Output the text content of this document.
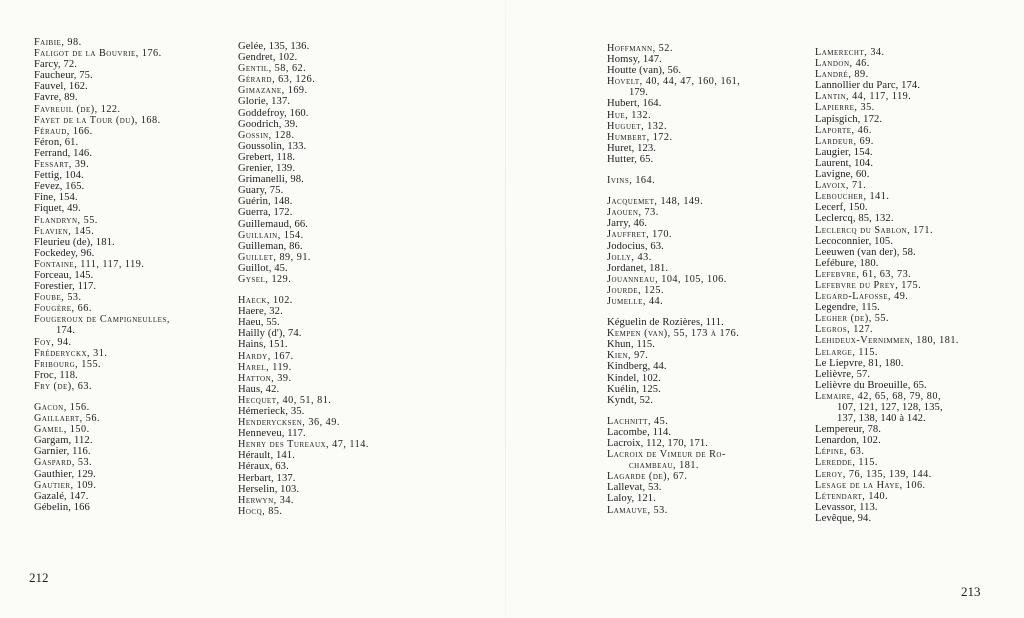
Faibie, 98.
Faligot de la Bouvrie, 176.
Farcy, 72.
Faucheur, 75.
Fauvel, 162.
Favre, 89.
Favreuil (de), 122.
Fayet de la Tour (du), 168.
Féraud, 166.
Féron, 61.
Ferrand, 146.
Fessart, 39.
Fettig, 104.
Fevez, 165.
Fine, 154.
Fiquet, 49.
Flandryn, 55.
Flavien, 145.
Fleurieu (de), 181.
Fockedey, 96.
Fontaine, 111, 117, 119.
Forceau, 145.
Forestier, 117.
Foube, 53.
Fougère, 66.
Fougeroux de Campigneulles,
174.
Foy, 94.
Fréderyckx, 31.
Fribourg, 155.
Froc, 118.
Fry (de), 63.
Gacon, 156.
Gaillaert, 56.
Gamel, 150.
Gargam, 112.
Garnier, 116.
Gaspard, 53.
Gauthier, 129.
Gautier, 109.
Gazalé, 147.
Gébelin, 166
Gelée, 135, 136.
Gendret, 102.
Gentil, 58, 62.
Gérard, 63, 126.
Gimazane, 169.
Glorie, 137.
Goddefroy, 160.
Goodrich, 39.
Gossin, 128.
Goussolin, 133.
Grebert, 118.
Grenier, 139.
Grimanelli, 98.
Guary, 75.
Guérin, 148.
Guerra, 172.
Guillemaud, 66.
Guillain, 154.
Guilleman, 86.
Guillet, 89, 91.
Guillot, 45.
Gysel, 129.
Haeck, 102.
Haere, 32.
Haeu, 55.
Hailly (d'), 74.
Hains, 151.
Hardy, 167.
Harel, 119.
Hatton, 39.
Haus, 42.
Hecquet, 40, 51, 81.
Hémerieck, 35.
Henderycksen, 36, 49.
Henneveu, 117.
Henry des Tureaux, 47, 114.
Hérault, 141.
Héraux, 63.
Herbart, 137.
Herselin, 103.
Herwyn, 34.
Hocq, 85.
Hoffmann, 52.
Homsy, 147.
Houtte (van), 56.
Hovelt, 40, 44, 47, 160, 161,
179.
Hubert, 164.
Hue, 132.
Huguet, 132.
Humbert, 172.
Huret, 123.
Hutter, 65.
Ivins, 164.
Jacquemet, 148, 149.
Jaouen, 73.
Jarry, 46.
Jauffret, 170.
Jodocius, 63.
Jolly, 43.
Jordanet, 181.
Jouanneau, 104, 105, 106.
Jourde, 125.
Jumelle, 44.
Kéguelin de Rozières, 111.
Kempen (van), 55, 173 à 176.
Khun, 115.
Kien, 97.
Kindberg, 44.
Kindel, 102.
Kuélin, 125.
Kyndt, 52.
Lachnitt, 45.
Lacombe, 114.
Lacroix, 112, 170, 171.
Lacroix de Vimeur de Ro-
chambeau, 181.
Lagarde (de), 67.
Lallevat, 53.
Laloy, 121.
Lamauve, 53.
Lamerecht, 34.
Landon, 46.
Landré, 89.
Lannollier du Parc, 174.
Lantin, 44, 117, 119.
Lapierre, 35.
Lapisgich, 172.
Laporte, 46.
Lardeur, 69.
Laugier, 154.
Laurent, 104.
Lavigne, 60.
Lavoix, 71.
Leboucher, 141.
Lecerf, 150.
Leclercq, 85, 132.
Leclercq du Sablon, 171.
Lecoconnier, 105.
Leeuwen (van der), 58.
Lefébure, 180.
Lefebvre, 61, 63, 73.
Lefebvre du Prey, 175.
Legard-Lafosse, 49.
Legendre, 115.
Legher (de), 55.
Legros, 127.
Lehideux-Vernimmen, 180, 181.
Lelarge, 115.
Le Liepvre, 81, 180.
Lelièvre, 57.
Lelièvre du Broeuille, 65.
Lemaire, 42, 65, 68, 79, 80,
107, 121, 127, 128, 135,
137, 138, 140 à 142.
Lempereur, 78.
Lenardon, 102.
Lépine, 63.
Leredde, 115.
Leroy, 76, 135, 139, 144.
Lesage de la Haye, 106.
Létendart, 140.
Levassor, 113.
Levêque, 94.
212
213
